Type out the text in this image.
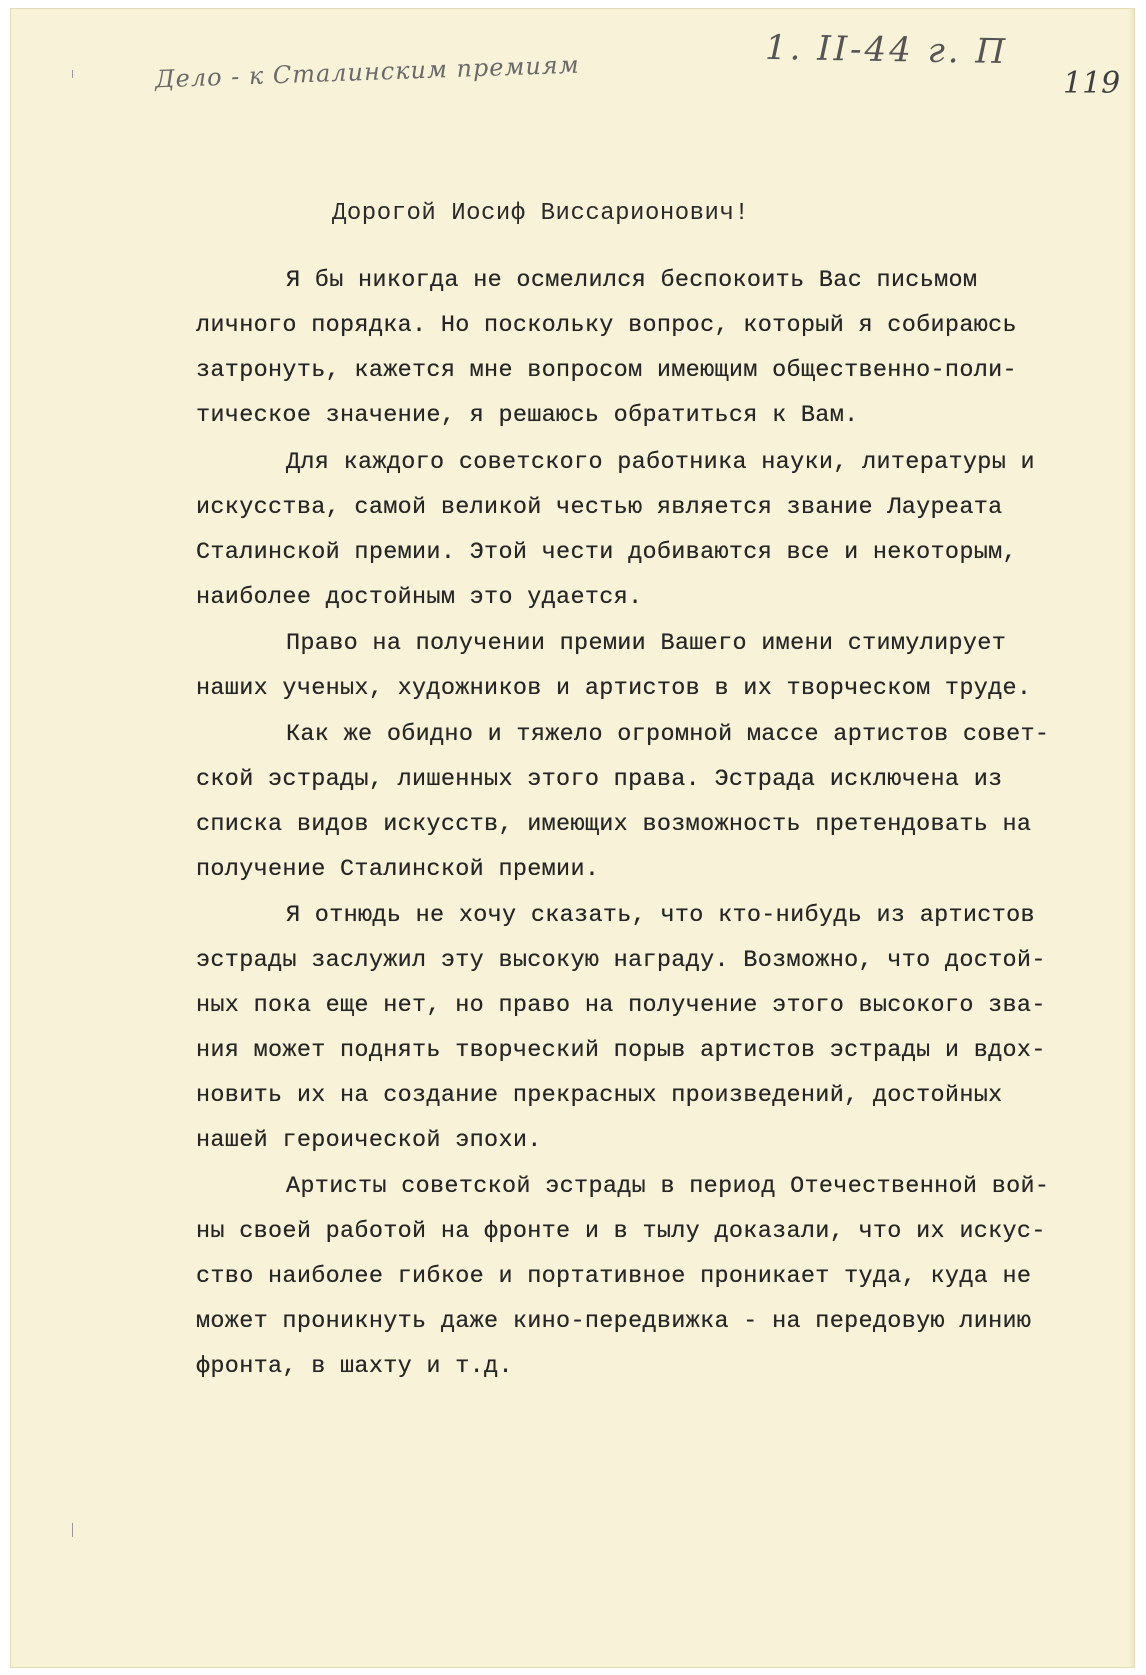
Дело - к Сталинским премиям	1. II-44 г. П
119
Дорогой Иосиф Виссарионович!
Я бы никогда не осмелился беспокоить Вас письмом
личного порядка. Но поскольку вопрос, который я собираюсь
затронуть, кажется мне вопросом имеющим общественно-поли-
тическое значение, я решаюсь обратиться к Вам.
Для каждого советского работника науки, литературы и
искусства, самой великой честью является звание Лауреата
Сталинской премии. Этой чести добиваются все и некоторым,
наиболее достойным это удается.
Право на получении премии Вашего имени стимулирует
наших ученых, художников и артистов в их творческом труде.
Как же обидно и тяжело огромной массе артистов совет-
ской эстрады, лишенных этого права. Эстрада исключена из
списка видов искусств, имеющих возможность претендовать на
получение Сталинской премии.
Я отнюдь не хочу сказать, что кто-нибудь из артистов
эстрады заслужил эту высокую награду. Возможно, что достой-
ных пока еще нет, но право на получение этого высокого зва-
ния может поднять творческий порыв артистов эстрады и вдох-
новить их на создание прекрасных произведений, достойных
нашей героической эпохи.
Артисты советской эстрады в период Отечественной вой-
ны своей работой на фронте и в тылу доказали, что их искус-
ство наиболее гибкое и портативное проникает туда, куда не
может проникнуть даже кино-передвижка - на передовую линию
фронта, в шахту и т.д.
